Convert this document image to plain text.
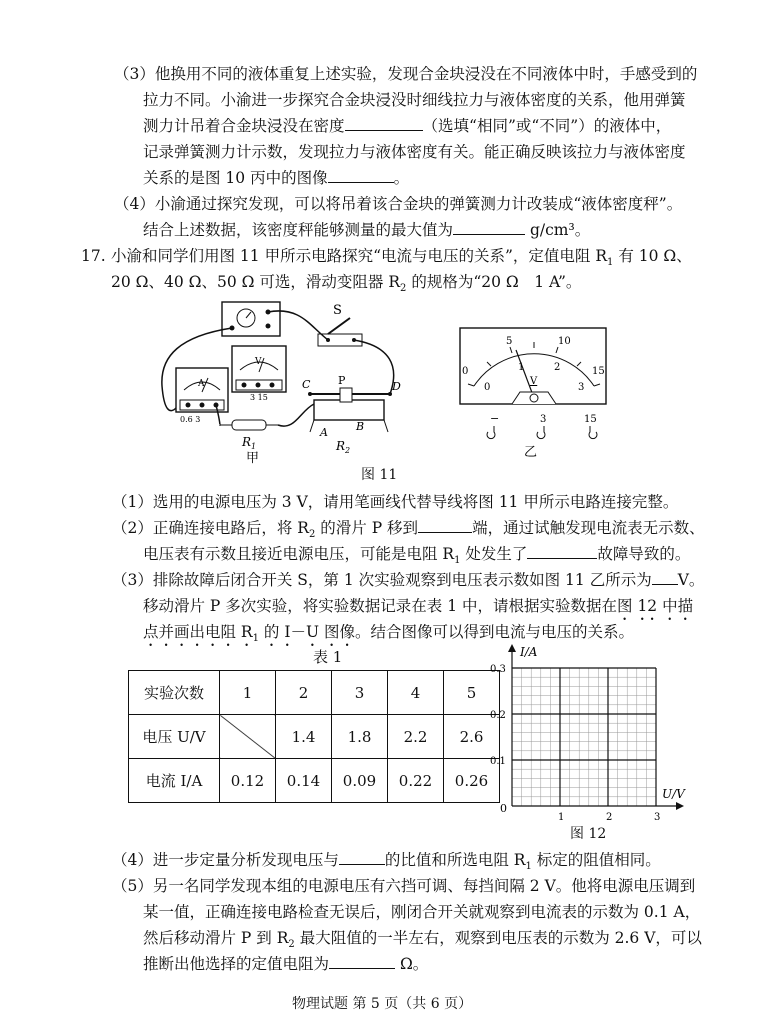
（3）他换用不同的液体重复上述实验，发现合金块浸没在不同液体中时，手感受到的
拉力不同。小渝进一步探究合金块浸没时细线拉力与液体密度的关系，他用弹簧
测力计吊着合金块浸没在密度	（选填“相同”或“不同”）的液体中，
记录弹簧测力计示数，发现拉力与液体密度有关。能正确反映该拉力与液体密度
关系的是图 10 丙中的图像	。
（4）小渝通过探究发现，可以将吊着该合金块的弹簧测力计改装成“液体密度秤”。
结合上述数据，该密度秤能够测量的最大值为	g/cm³。
17. 小渝和同学们用图 11 甲所示电路探究“电流与电压的关系”，定值电阻 $R_1$ 有 10 Ω、
20 Ω、40 Ω、50 Ω 可选，滑动变阻器 $R_2$ 的规格为“20 Ω　1 A”。
S
A
0.6 3
V
3 15
$R_1$
甲
C	P	D
A	B
$R_2$
0
5	10
15
0
1	2
3
V
−	3	15
乙
图 11
（1）选用的电源电压为 3 V，请用笔画线代替导线将图 11 甲所示电路连接完整。
（2）正确连接电路后，将 $R_2$ 的滑片 P 移到	端，通过试触发现电流表无示数、
电压表有示数且接近电源电压，可能是电阻 $R_1$ 处发生了	故障导致的。
（3）排除故障后闭合开关 S，第 1 次实验观察到电压表示数如图 11 乙所示为 V。
移动滑片 P 多次实验，将实验数据记录在表 1 中，请根据实验数据在图 12 中描
点并画出电阻 $R_1$ 的 I－U 图像。结合图像可以得到电流与电压的关系。
表 1
实验次数	1	2	3	4	5
电压 U/V		1.4	1.8	2.2	2.6
电流 I/A	0.12	0.14	0.09	0.22	0.26
I/A
U/V
0
0.1
0.2
0.3
1	2	3
图 12
（4）进一步定量分析发现电压与	的比值和所选电阻 $R_1$ 标定的阻值相同。
（5）另一名同学发现本组的电源电压有六挡可调、每挡间隔 2 V。他将电源电压调到
某一值，正确连接电路检查无误后，刚闭合开关就观察到电流表的示数为 0.1 A，
然后移动滑片 P 到 $R_2$ 最大阻值的一半左右，观察到电压表的示数为 2.6 V，可以
推断出他选择的定值电阻为	Ω。
物理试题 第 5 页（共 6 页）
